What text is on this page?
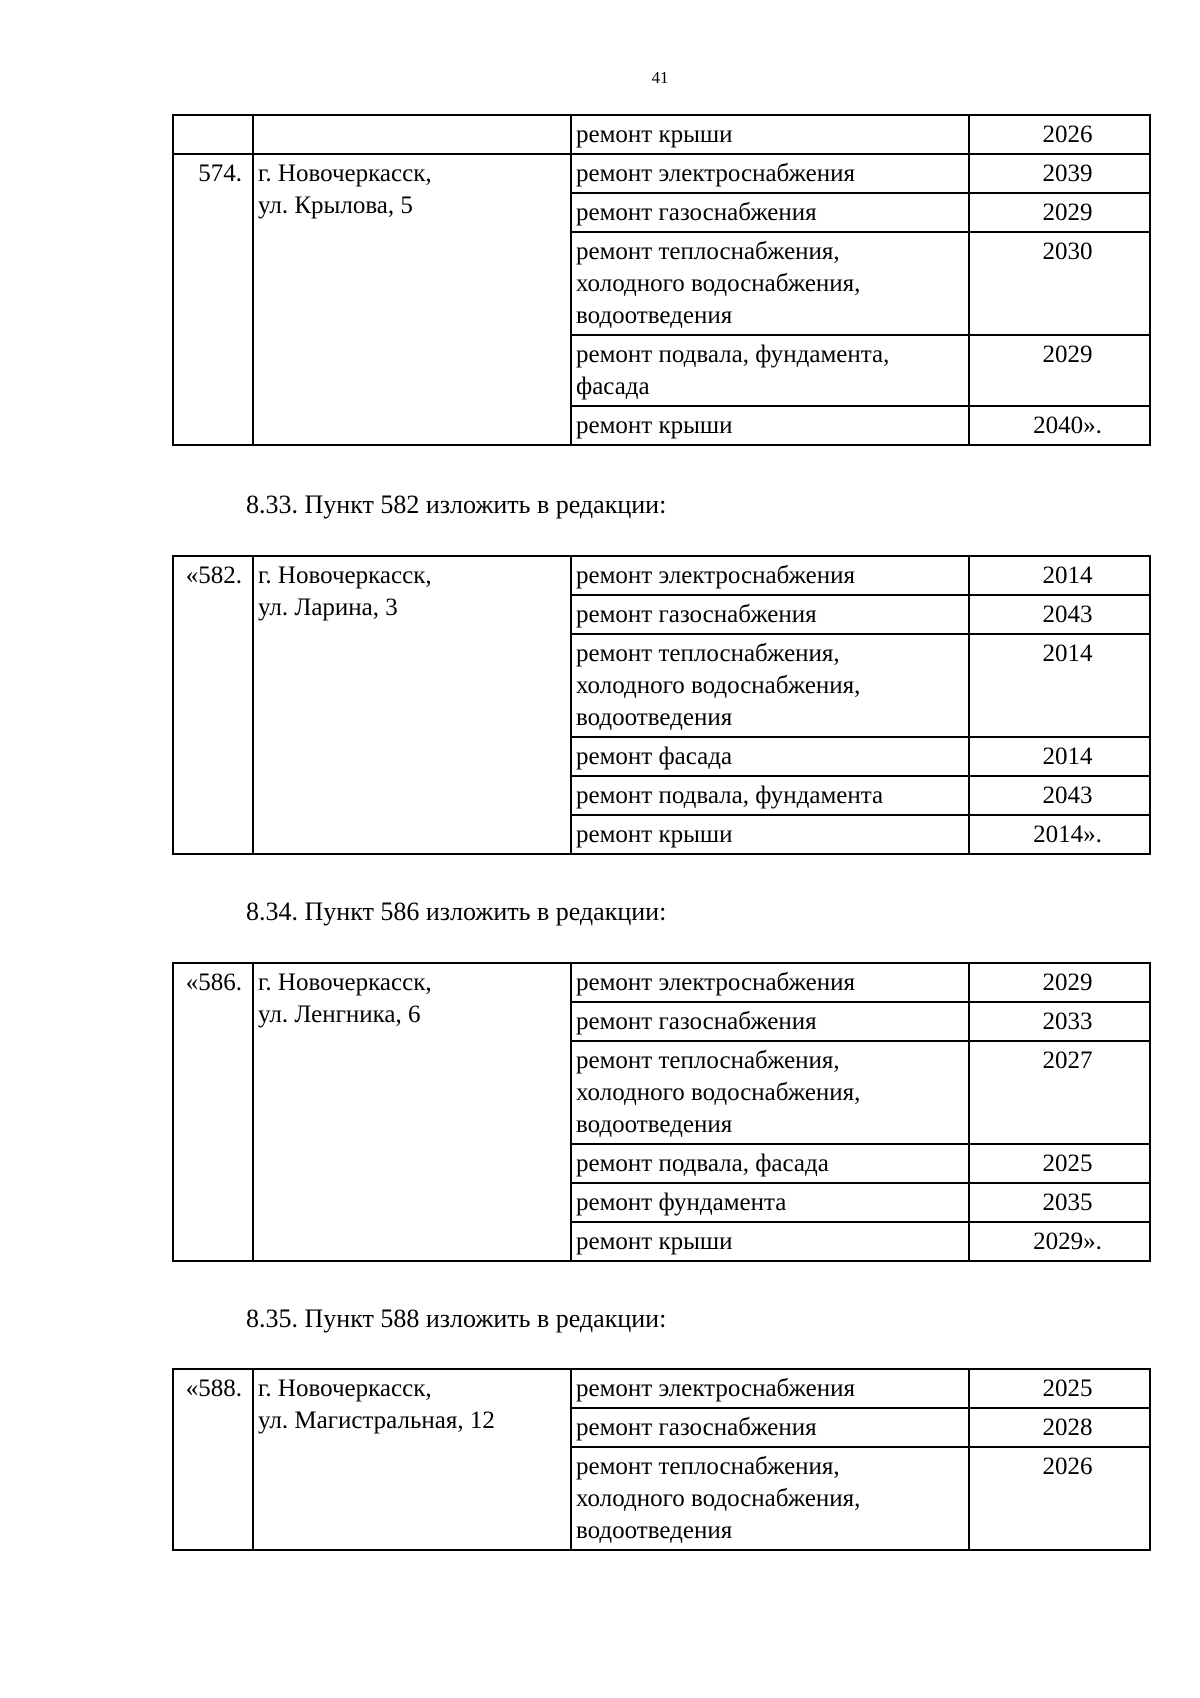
41

		ремонт крыши	2026
574.	г. Новочеркасск,
ул. Крылова, 5	ремонт электроснабжения	2039

		ремонт газоснабжения	2029

		ремонт теплоснабжения,
холодного водоснабжения,
водоотведения	2030

		ремонт подвала, фундамента,
фасада	2029

		ремонт крыши	2040».
8.33. Пункт 582 изложить в редакции:
«582.	г. Новочеркасск,
ул. Ларина, 3	ремонт электроснабжения	2014

		ремонт газоснабжения	2043

		ремонт теплоснабжения,
холодного водоснабжения,
водоотведения	2014

		ремонт фасада	2014

		ремонт подвала, фундамента	2043

		ремонт крыши	2014».
8.34. Пункт 586 изложить в редакции:
«586.	г. Новочеркасск,
ул. Ленгника, 6	ремонт электроснабжения	2029

		ремонт газоснабжения	2033

		ремонт теплоснабжения,
холодного водоснабжения,
водоотведения	2027

		ремонт подвала, фасада	2025

		ремонт фундамента	2035

		ремонт крыши	2029».
8.35. Пункт 588 изложить в редакции:
«588.	г. Новочеркасск,
ул. Магистральная, 12	ремонт электроснабжения	2025

		ремонт газоснабжения	2028

		ремонт теплоснабжения,
холодного водоснабжения,
водоотведения	2026
